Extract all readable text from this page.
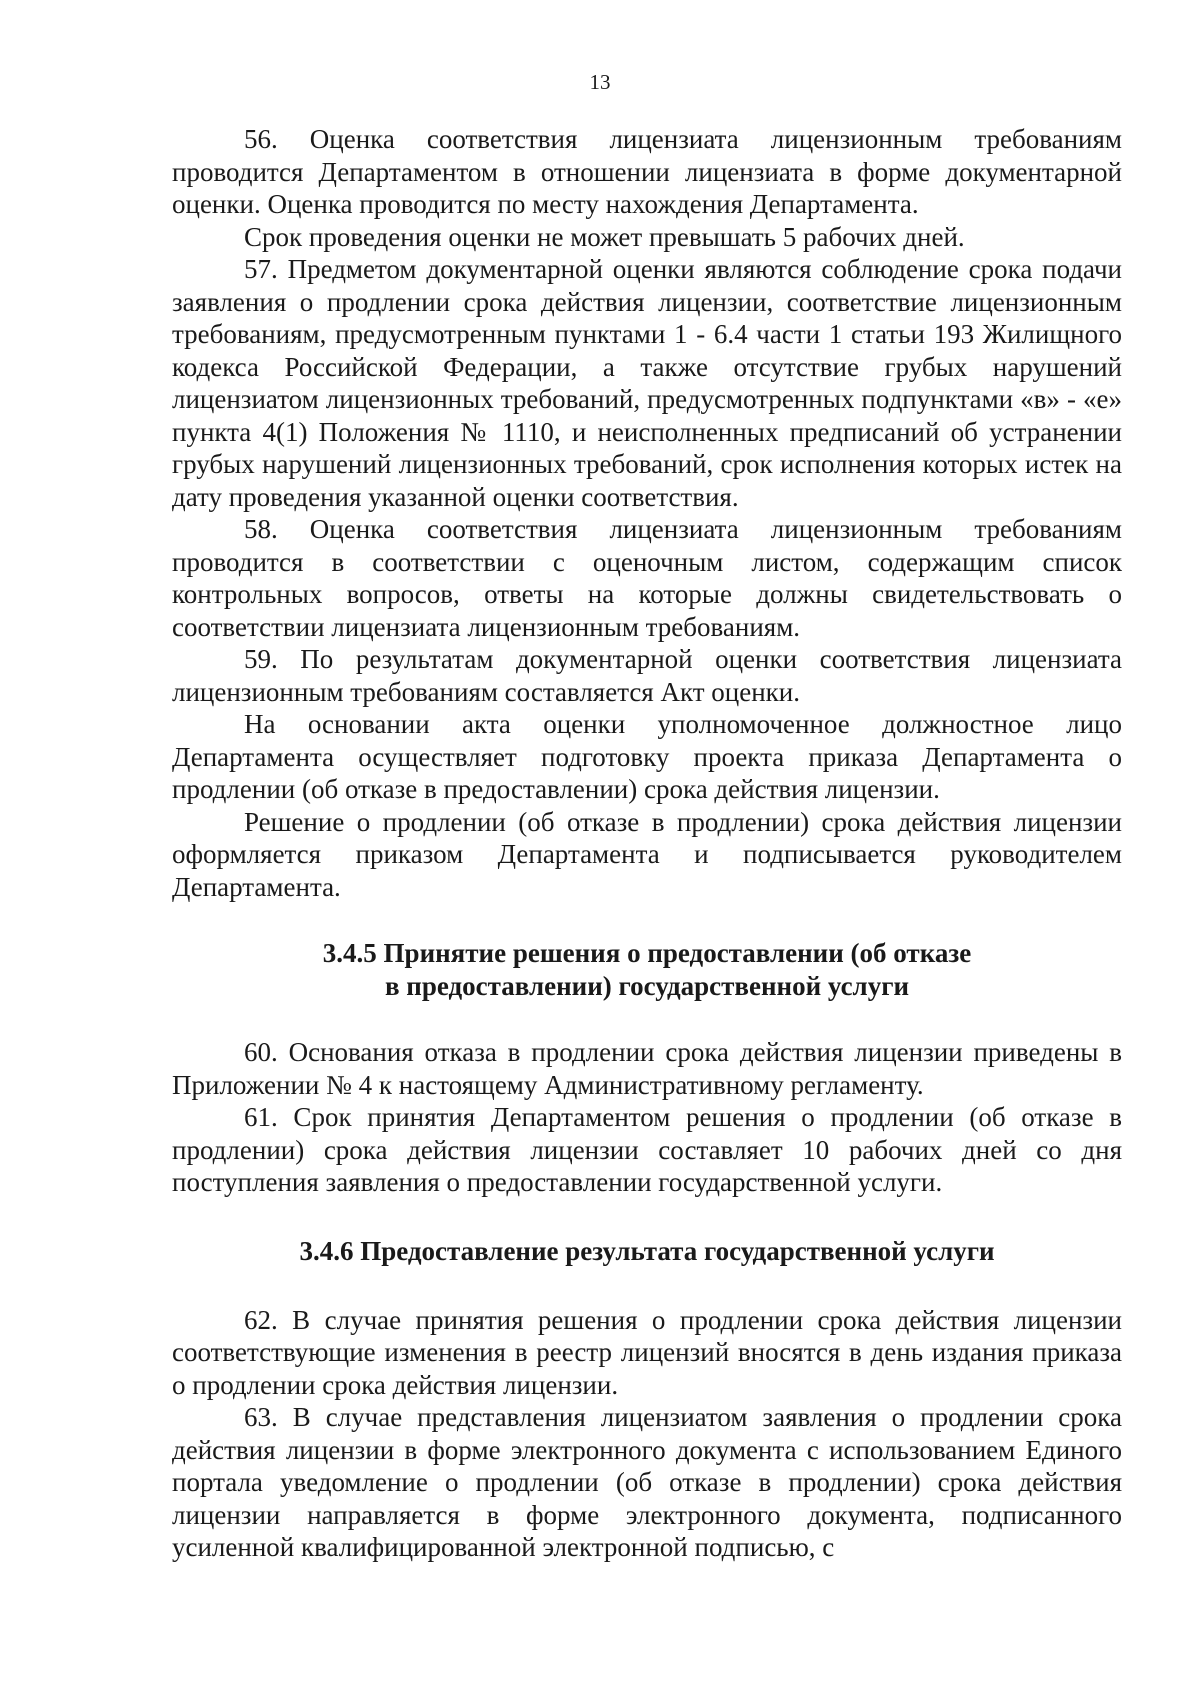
13

56. Оценка соответствия лицензиата лицензионным требованиям проводится Департаментом в отношении лицензиата в форме документарной оценки. Оценка проводится по месту нахождения Департамента.

Срок проведения оценки не может превышать 5 рабочих дней.

57. Предметом документарной оценки являются соблюдение срока подачи заявления о продлении срока действия лицензии, соответствие лицензионным требованиям, предусмотренным пунктами 1 - 6.4 части 1 статьи 193 Жилищного кодекса Российской Федерации, а также отсутствие грубых нарушений лицензиатом лицензионных требований, предусмотренных подпунктами «в» - «е» пункта 4(1) Положения № 1110, и неисполненных предписаний об устранении грубых нарушений лицензионных требований, срок исполнения которых истек на дату проведения указанной оценки соответствия.

58. Оценка соответствия лицензиата лицензионным требованиям проводится в соответствии с оценочным листом, содержащим список контрольных вопросов, ответы на которые должны свидетельствовать о соответствии лицензиата лицензионным требованиям.

59. По результатам документарной оценки соответствия лицензиата лицензионным требованиям составляется Акт оценки.

На основании акта оценки уполномоченное должностное лицо Департамента осуществляет подготовку проекта приказа Департамента о продлении (об отказе в предоставлении) срока действия лицензии.

Решение о продлении (об отказе в продлении) срока действия лицензии оформляется приказом Департамента и подписывается руководителем Департамента.

3.4.5 Принятие решения о предоставлении (об отказе
в предоставлении) государственной услуги

60. Основания отказа в продлении срока действия лицензии приведены в Приложении № 4 к настоящему Административному регламенту.

61. Срок принятия Департаментом решения о продлении (об отказе в продлении) срока действия лицензии составляет 10 рабочих дней со дня поступления заявления о предоставлении государственной услуги.

3.4.6 Предоставление результата государственной услуги

62. В случае принятия решения о продлении срока действия лицензии соответствующие изменения в реестр лицензий вносятся в день издания приказа о продлении срока действия лицензии.

63. В случае представления лицензиатом заявления о продлении срока действия лицензии в форме электронного документа с использованием Единого портала уведомление о продлении (об отказе в продлении) срока действия лицензии направляется в форме электронного документа, подписанного усиленной квалифицированной электронной подписью, с
